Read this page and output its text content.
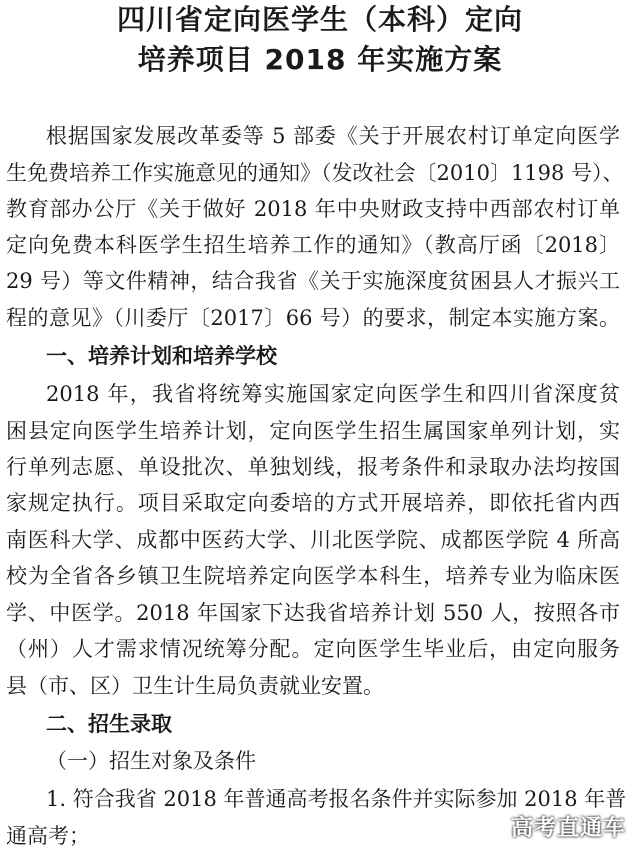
四川省定向医学生（本科）定向
培养项目 2018 年实施方案
根据国家发展改革委等 5 部委《关于开展农村订单定向医学
生免费培养工作实施意见的通知》（发改社会〔2010〕1198 号）、
教育部办公厅《关于做好 2018 年中央财政支持中西部农村订单
定向免费本科医学生招生培养工作的通知》（教高厅函〔2018〕
29 号）等文件精神，结合我省《关于实施深度贫困县人才振兴工
程的意见》（川委厅〔2017〕66 号）的要求，制定本实施方案。
一、培养计划和培养学校
2018 年，我省将统筹实施国家定向医学生和四川省深度贫
困县定向医学生培养计划，定向医学生招生属国家单列计划，实
行单列志愿、单设批次、单独划线，报考条件和录取办法均按国
家规定执行。项目采取定向委培的方式开展培养，即依托省内西
南医科大学、成都中医药大学、川北医学院、成都医学院 4 所高
校为全省各乡镇卫生院培养定向医学本科生，培养专业为临床医
学、中医学。2018 年国家下达我省培养计划 550 人，按照各市
（州）人才需求情况统筹分配。定向医学生毕业后，由定向服务
县（市、区）卫生计生局负责就业安置。
二、招生录取
（一）招生对象及条件
1. 符合我省 2018 年普通高考报名条件并实际参加 2018 年普
通高考；	高考直通车
